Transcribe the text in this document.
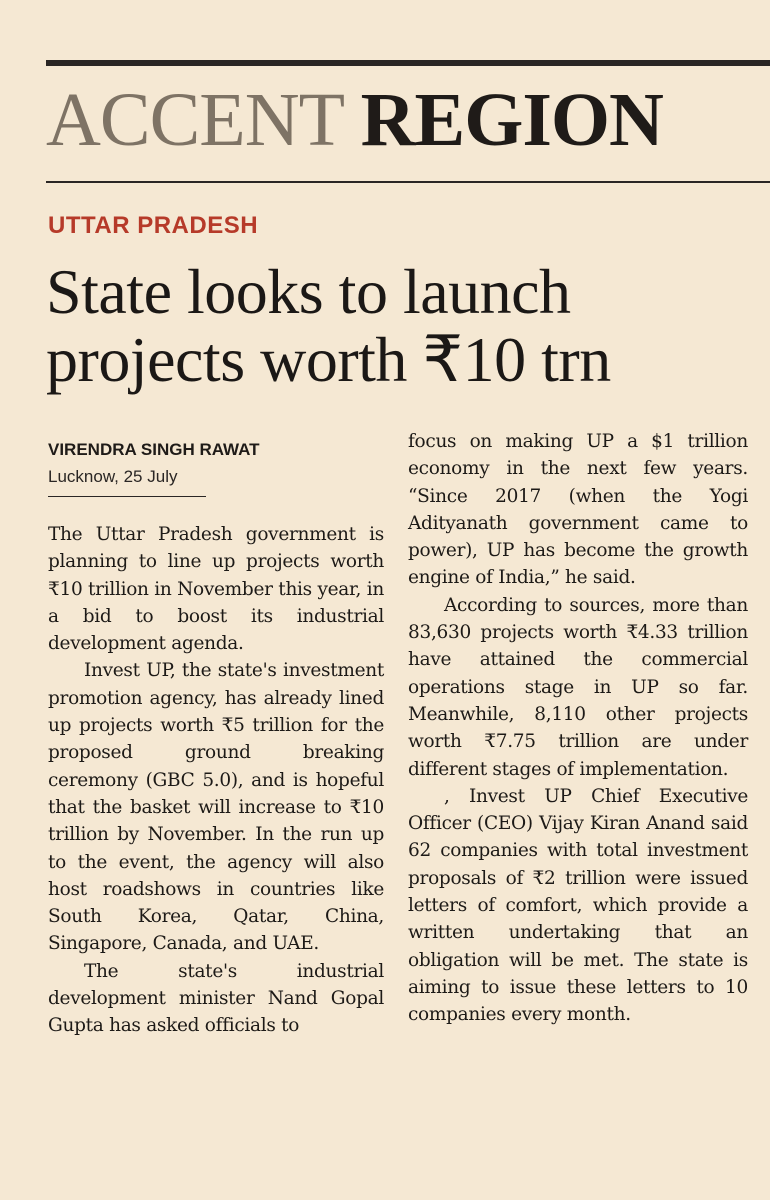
ACCENT REGION
UTTAR PRADESH
State looks to launch projects worth ₹10 trn
VIRENDRA SINGH RAWAT
Lucknow, 25 July

The Uttar Pradesh government is planning to line up projects worth ₹10 trillion in November this year, in a bid to boost its industrial development agenda.

Invest UP, the state's investment promotion agency, has already lined up projects worth ₹5 trillion for the proposed ground breaking ceremony (GBC 5.0), and is hopeful that the basket will increase to ₹10 trillion by November. In the run up to the event, the agency will also host roadshows in countries like South Korea, Qatar, China, Singapore, Canada, and UAE.

The state's industrial development minister Nand Gopal Gupta has asked officials to

focus on making UP a $1 trillion economy in the next few years. “Since 2017 (when the Yogi Adityanath government came to power), UP has become the growth engine of India,” he said.

According to sources, more than 83,630 projects worth ₹4.33 trillion have attained the commercial operations stage in UP so far. Meanwhile, 8,110 other projects worth ₹7.75 trillion are under different stages of implementation.

, Invest UP Chief Executive Officer (CEO) Vijay Kiran Anand said 62 companies with total investment proposals of ₹2 trillion were issued letters of comfort, which provide a written undertaking that an obligation will be met. The state is aiming to issue these letters to 10 companies every month.
